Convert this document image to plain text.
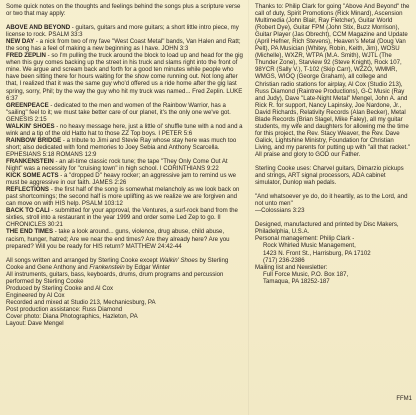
Some quick notes on the thoughts and feelings behind the songs plus a scripture verse or two that may apply:

ABOVE AND BEYOND - guitars, guitars and more guitars; a short little intro piece, my license to rock. PSALM 33:3

NEW DAY - a nick from two of my fave "West Coast Metal" bands, Van Halen and Ratt; the song has a feel of making a new beginning as I have. JOHN 3:3

FRED ZEPLIN - so I'm pulling the truck around the block to load up and head for the gig when this guy comes backing up the street in his truck and slams right into the front of mine. We argue and scream back and forth for a good ten minutes while people who have been sitting there for hours waiting for the show come running out. Not long after that, I realized that it was the same guy who'd offered us a ride home after the gig last spring, sorry, Phil; by the way the guy who hit my truck was named... Fred Zeplin. LUKE 6:37

GREENPEACE - dedicated to the men and women of the Rainbow Warrior, has a "sailing" feel to it; we must take better care of our planet, it's the only one we've got. GENESIS 2:15

WALKIN' SHOES - no heavy message here, just a little ol' shuffle tune with a nod and a wink and a tip of the old Hatto hat to those ZZ Top boys. I PETER 5:6

RAINBOW BRIDGE - a tribute to Jimi and Stevie Ray whose stay here was much too short; also dedicated with fond memories to Joey Sebia and Anthony Scarcella. EPHESIANS 5:18 ROMANS 12:9

FRANKENSTEIN - an all-time classic rock tune; the tape "They Only Come Out At Night" was a necessity for "cruising town" in high school. I CORINTHIANS 9:22

KICK SOME ACTS - a "dropped D" heavy rocker; an aggressive jam to remind us we must be aggressive in our faith. JAMES 2:26

REFLECTIONS - the first half of the song is somewhat melancholy as we look back on past shortcomings; the second half is more uplifting as we realize we are forgiven and can move on with HIS help. PSALM 103:12

BACK TO CALI - submitted for your approval, the Ventures, a surf-rock band from the sixties, stroll into a restaurant in the year 1999 and order some Led Zep to go. II CHRONICLES 30:21

THE END TIMES - take a look around... guns, violence, drug abuse, child abuse, racism, hunger, hatred; Are we near the end times? Are they already here? Are you prepared? Will you be ready for HIS return? MATTHEW 24:42-44

All songs written and arranged by Sterling Cooke except Walkin' Shoes by Sterling Cooke and Gene Anthony and Frankenstein by Edgar Winter

All instruments, guitars, bass, keyboards, drums, drum programs and percussion performed by Sterling Cooke

Produced by Sterling Cooke and Al Cox

Engineered by Al Cox

Recorded and mixed at Studio 213, Mechanicsburg, PA

Post production assistance: Russ Diamond

Cover photo: Diana Photographics, Hazleton, PA

Layout: Dave Mengel

Thanks to: Philip Clark for going "Above And Beyond" the call of duty, Spirit Promotions (Rick Minard), Ascension Multimedia (John Blair, Ray Fletcher), Guitar World (Robert Dye), Guitar FPM (John Stix, Buzz Morrison), Guitar Player (Jas Obrecht), CCM Magazine and Update (April Hefner, Rich Stevens), Heaven's Metal (Doug Van Pelt), PA Musician (Whitey, Robin, Keith, Jim), WOSU (Michelle), WXZR, WTPA (M.A. Smith), WJTL (The Thunder Zone), Starview 92 (Steve Knight), Rock 107, 98YCR (Sally V.), T-102 (Skip Carr), WZZO, WMMR, WMGS, WIOQ (George Graham), all college and Christian radio stations for airplay, Al Cox (Studio 213), Russ Diamond (Raintree Productions), G-C Music (Ray and Judy), Dave "Late-Night Metal" Mengel, John A. and Rick R. for support, Nancy Lapinsky, Joe Nardone, Jr., David Richards, Relativity Records (Alan Becker), Metal Blade Records (Brian Slagel, Mike Faley), all my guitar students, my wife and daughters for allowing me the time for this project, the Rev. Stacy Weaver, the Rev. Dave Galick, Lightshine Ministry, Foundation for Christian Living, and my parents for putting up with "all that racket." All praise and glory to GOD our Father.

Sterling Cooke uses: Charvel guitars, Dimarzio pickups and strings, ART signal processors, ADA cabinet simulator, Dunlop wah pedals.

"And whatsoever ye do, do it heartily, as to the Lord, and not unto men"

—Colossians 3:23

Designed, manufactured and printed by Disc Makers, Philadelphia, U.S.A.

Personal management: Philip Clark -

Rock Whirled Music Management,

1423 N. Front St., Harrisburg, PA 17102

(717) 236-2386

Mailing list and Newsletter:

Full Force Music, P.O. Box 187,

Tamaqua, PA 18252-187

FFM1
